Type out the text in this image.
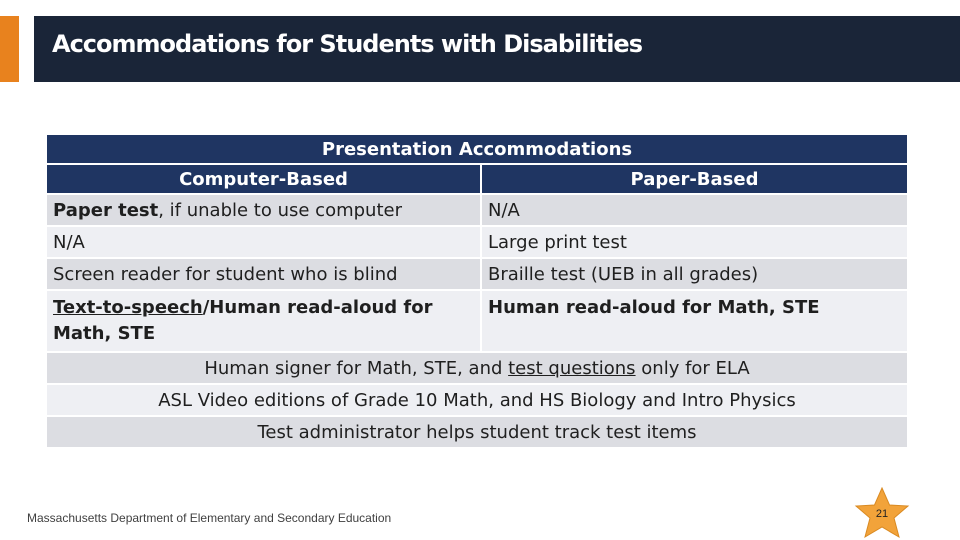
Accommodations for Students with Disabilities
Presentation Accommodations	
Computer-Based	Paper-Based
Paper test, if unable to use computer	N/A
N/A	Large print test
Screen reader for student who is blind	Braille test (UEB in all grades)
Text-to-speech/Human read-aloud for Math, STE	Human read-aloud for Math, STE
Human signer for Math, STE, and test questions only for ELA	
ASL Video editions of Grade 10 Math, and HS Biology and Intro Physics	
Test administrator helps student track test items	
Massachusetts Department of Elementary and Secondary Education	21
